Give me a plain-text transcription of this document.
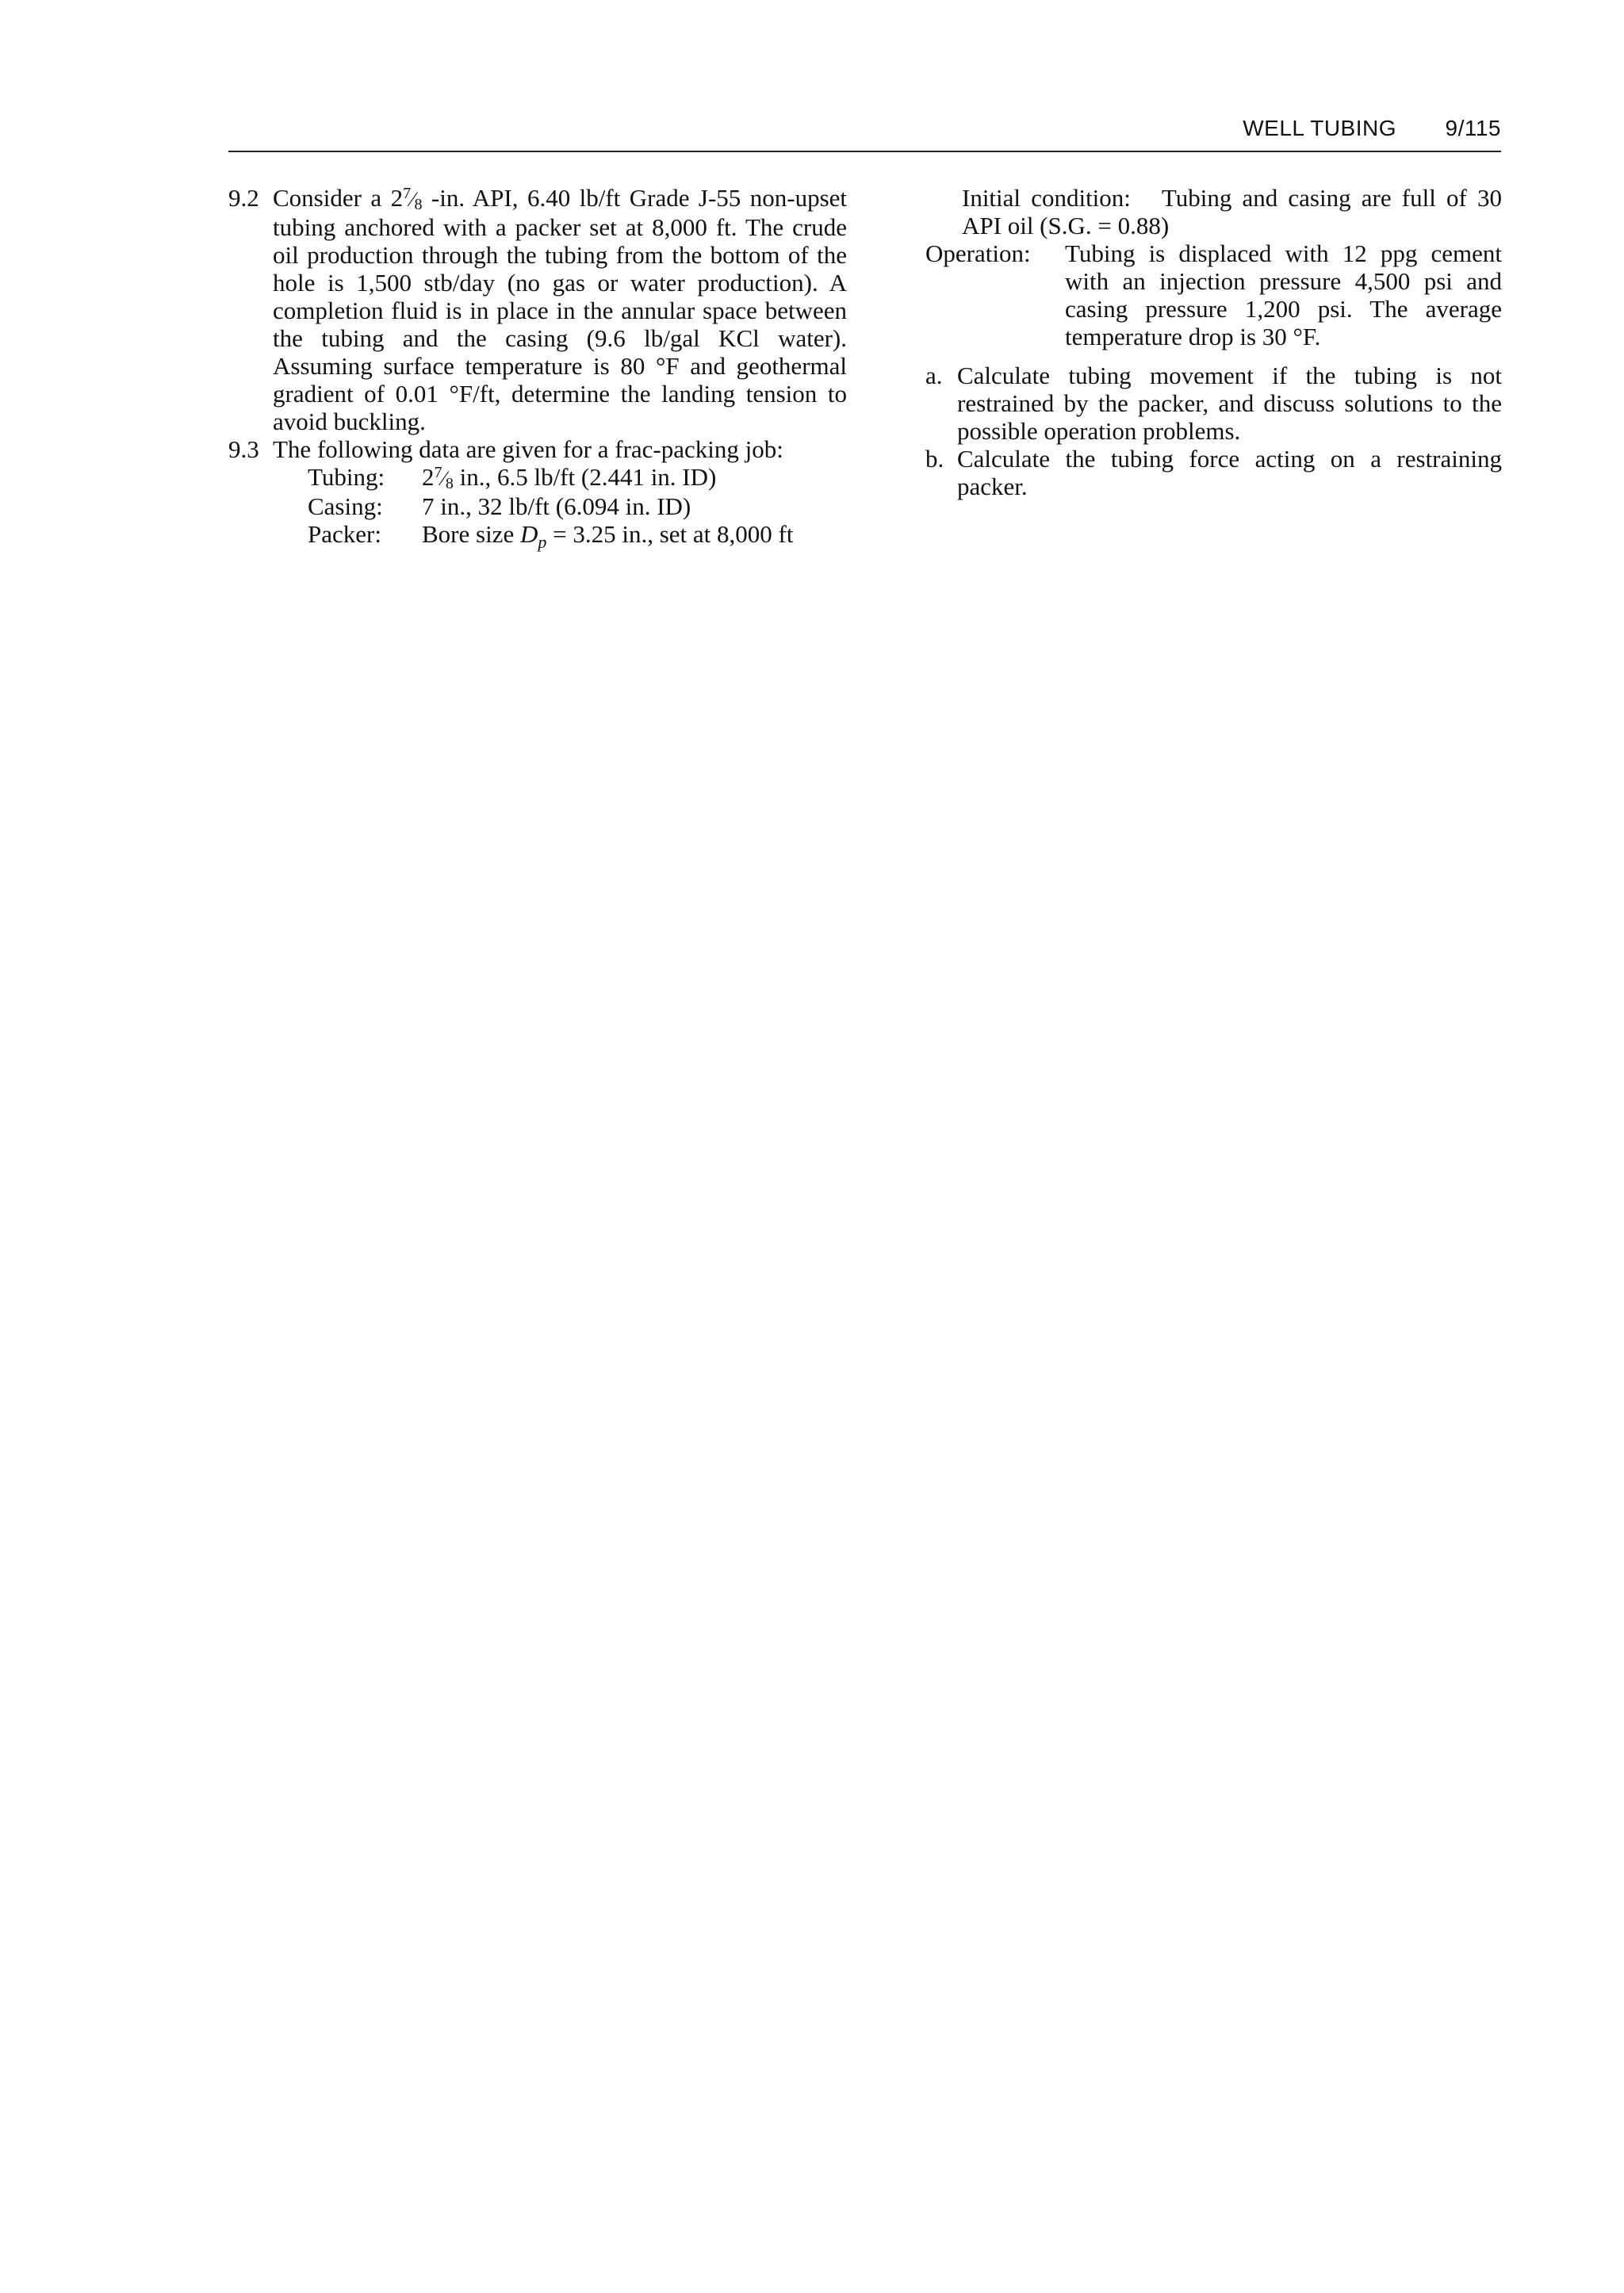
WELL TUBING 9/115
9.2 Consider a $2^7⁄_8$ -in. API, 6.40 lb/ft Grade J-55 non-upset tubing anchored with a packer set at 8,000 ft. The crude oil production through the tubing from the bottom of the hole is 1,500 stb/day (no gas or water production). A completion fluid is in place in the annular space between the tubing and the casing (9.6 lb/gal KCl water). Assuming surface temperature is 80 °F and geothermal gradient of 0.01 °F/ft, determine the landing tension to avoid buckling.
9.3 The following data are given for a frac-packing job:
Tubing:	$2^7⁄_8$ in., 6.5 lb/ft (2.441 in. ID)
Casing:	7 in., 32 lb/ft (6.094 in. ID)
Packer:	Bore size $D_p = 3.25$ in., set at 8,000 ft
Initial condition: Tubing and casing are full of 30 API oil (S.G. = 0.88)
Operation:	Tubing is displaced with 12 ppg cement with an injection pressure 4,500 psi and casing pressure 1,200 psi. The average temperature drop is 30 °F.
a. Calculate tubing movement if the tubing is not restrained by the packer, and discuss solutions to the possible operation problems.
b. Calculate the tubing force acting on a restraining packer.
